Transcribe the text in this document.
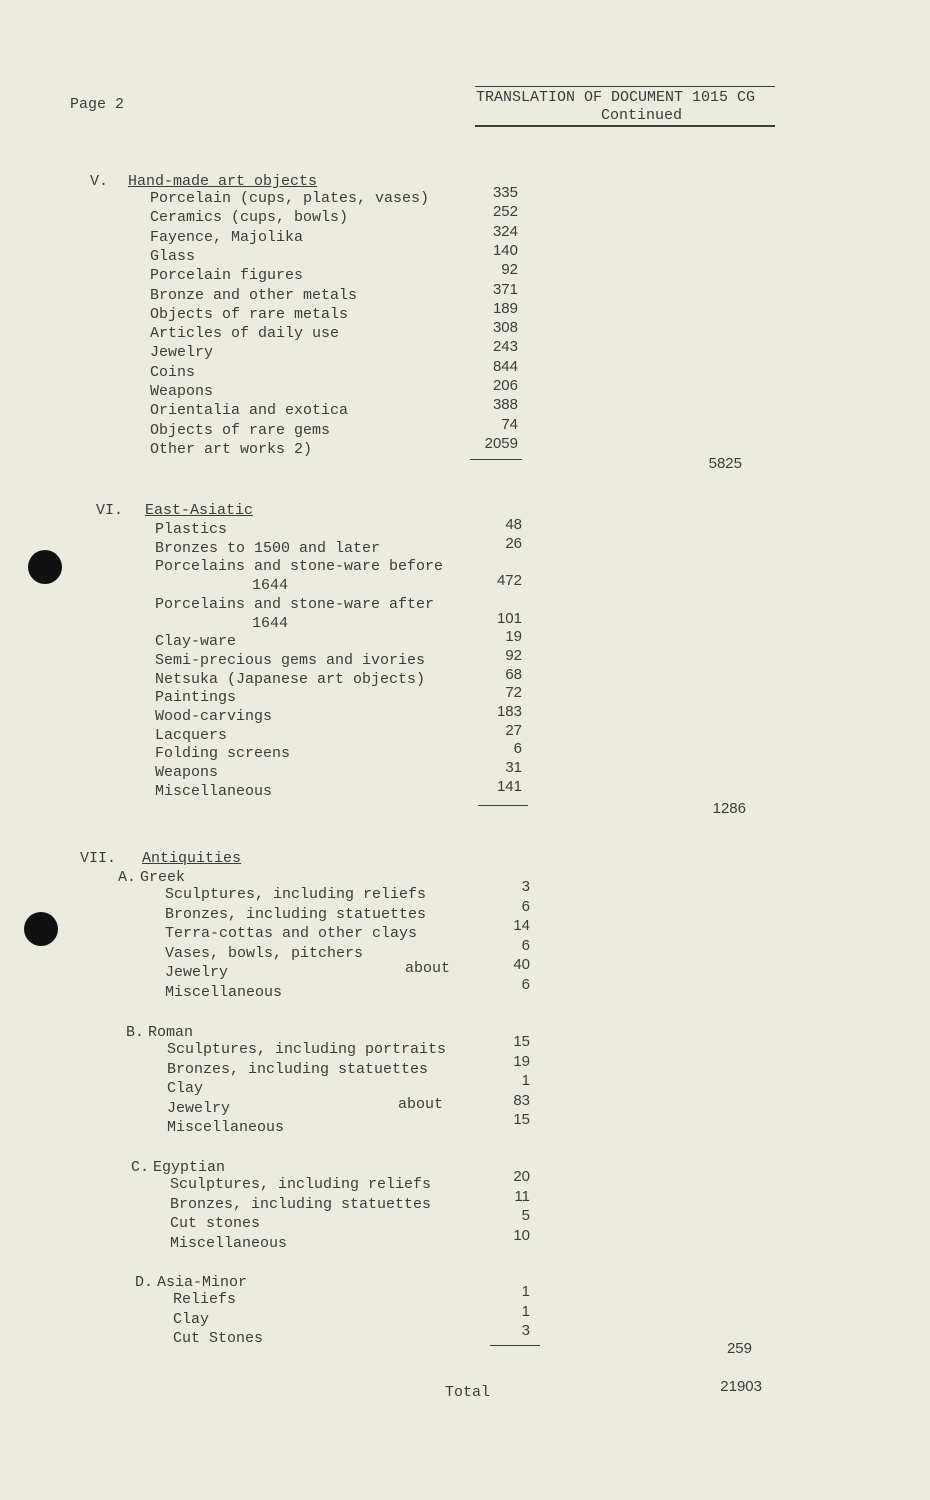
Page 2	TRANSLATION OF DOCUMENT 1015 CG
Continued
V. Hand-made art objects
Porcelain (cups, plates, vases)	335
Ceramics (cups, bowls)	252
Fayence, Majolika	324
Glass	140
Porcelain figures	92
Bronze and other metals	371
Objects of rare metals	189
Articles of daily use	308
Jewelry	243
Coins	844
Weapons	206
Orientalia and exotica	388
Objects of rare gems	74
Other art works 2)	2059
5825
VI. East-Asiatic
Plastics	48
Bronzes to 1500 and later	26
Porcelains and stone-ware before
1644	472
Porcelains and stone-ware after
1644	101
Clay-ware	19
Semi-precious gems and ivories	92
Netsuka (Japanese art objects)	68
Paintings	72
Wood-carvings	183
Lacquers	27
Folding screens	6
Weapons	31
Miscellaneous	141
1286
VII. Antiquities
A. Greek
Sculptures, including reliefs	3
Bronzes, including statuettes	6
Terra-cottas and other clays	14
Vases, bowls, pitchers	6
Jewelry	about	40
Miscellaneous	6
B. Roman
Sculptures, including portraits	15
Bronzes, including statuettes	19
Clay	1
Jewelry	about	83
Miscellaneous	15
C. Egyptian
Sculptures, including reliefs	20
Bronzes, including statuettes	11
Cut stones	5
Miscellaneous	10
D. Asia-Minor
Reliefs	1
Clay	1
Cut Stones	3
259
Total	21903
